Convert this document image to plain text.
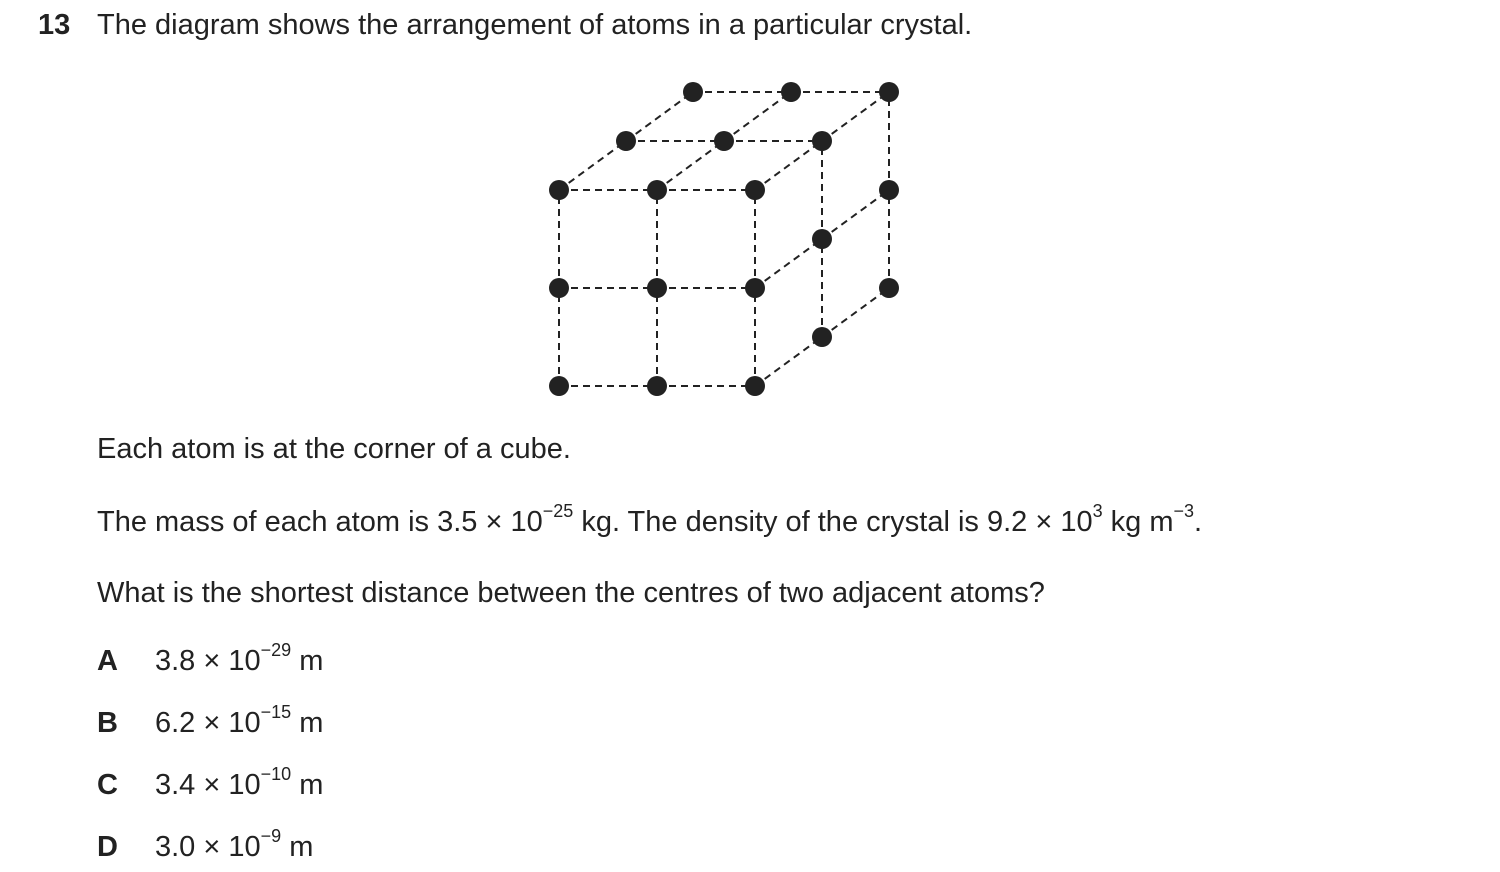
13 The diagram shows the arrangement of atoms in a particular crystal.
Each atom is at the corner of a cube.
The mass of each atom is $3.5 \times 10^{-25}$ kg. The density of the crystal is $9.2 \times 10^3$ kg $m^{-3}$.
What is the shortest distance between the centres of two adjacent atoms?
A $3.8 \times 10^{-29}$ m
B $6.2 \times 10^{-15}$ m
C $3.4 \times 10^{-10}$ m
D $3.0 \times 10^{-9}$ m
